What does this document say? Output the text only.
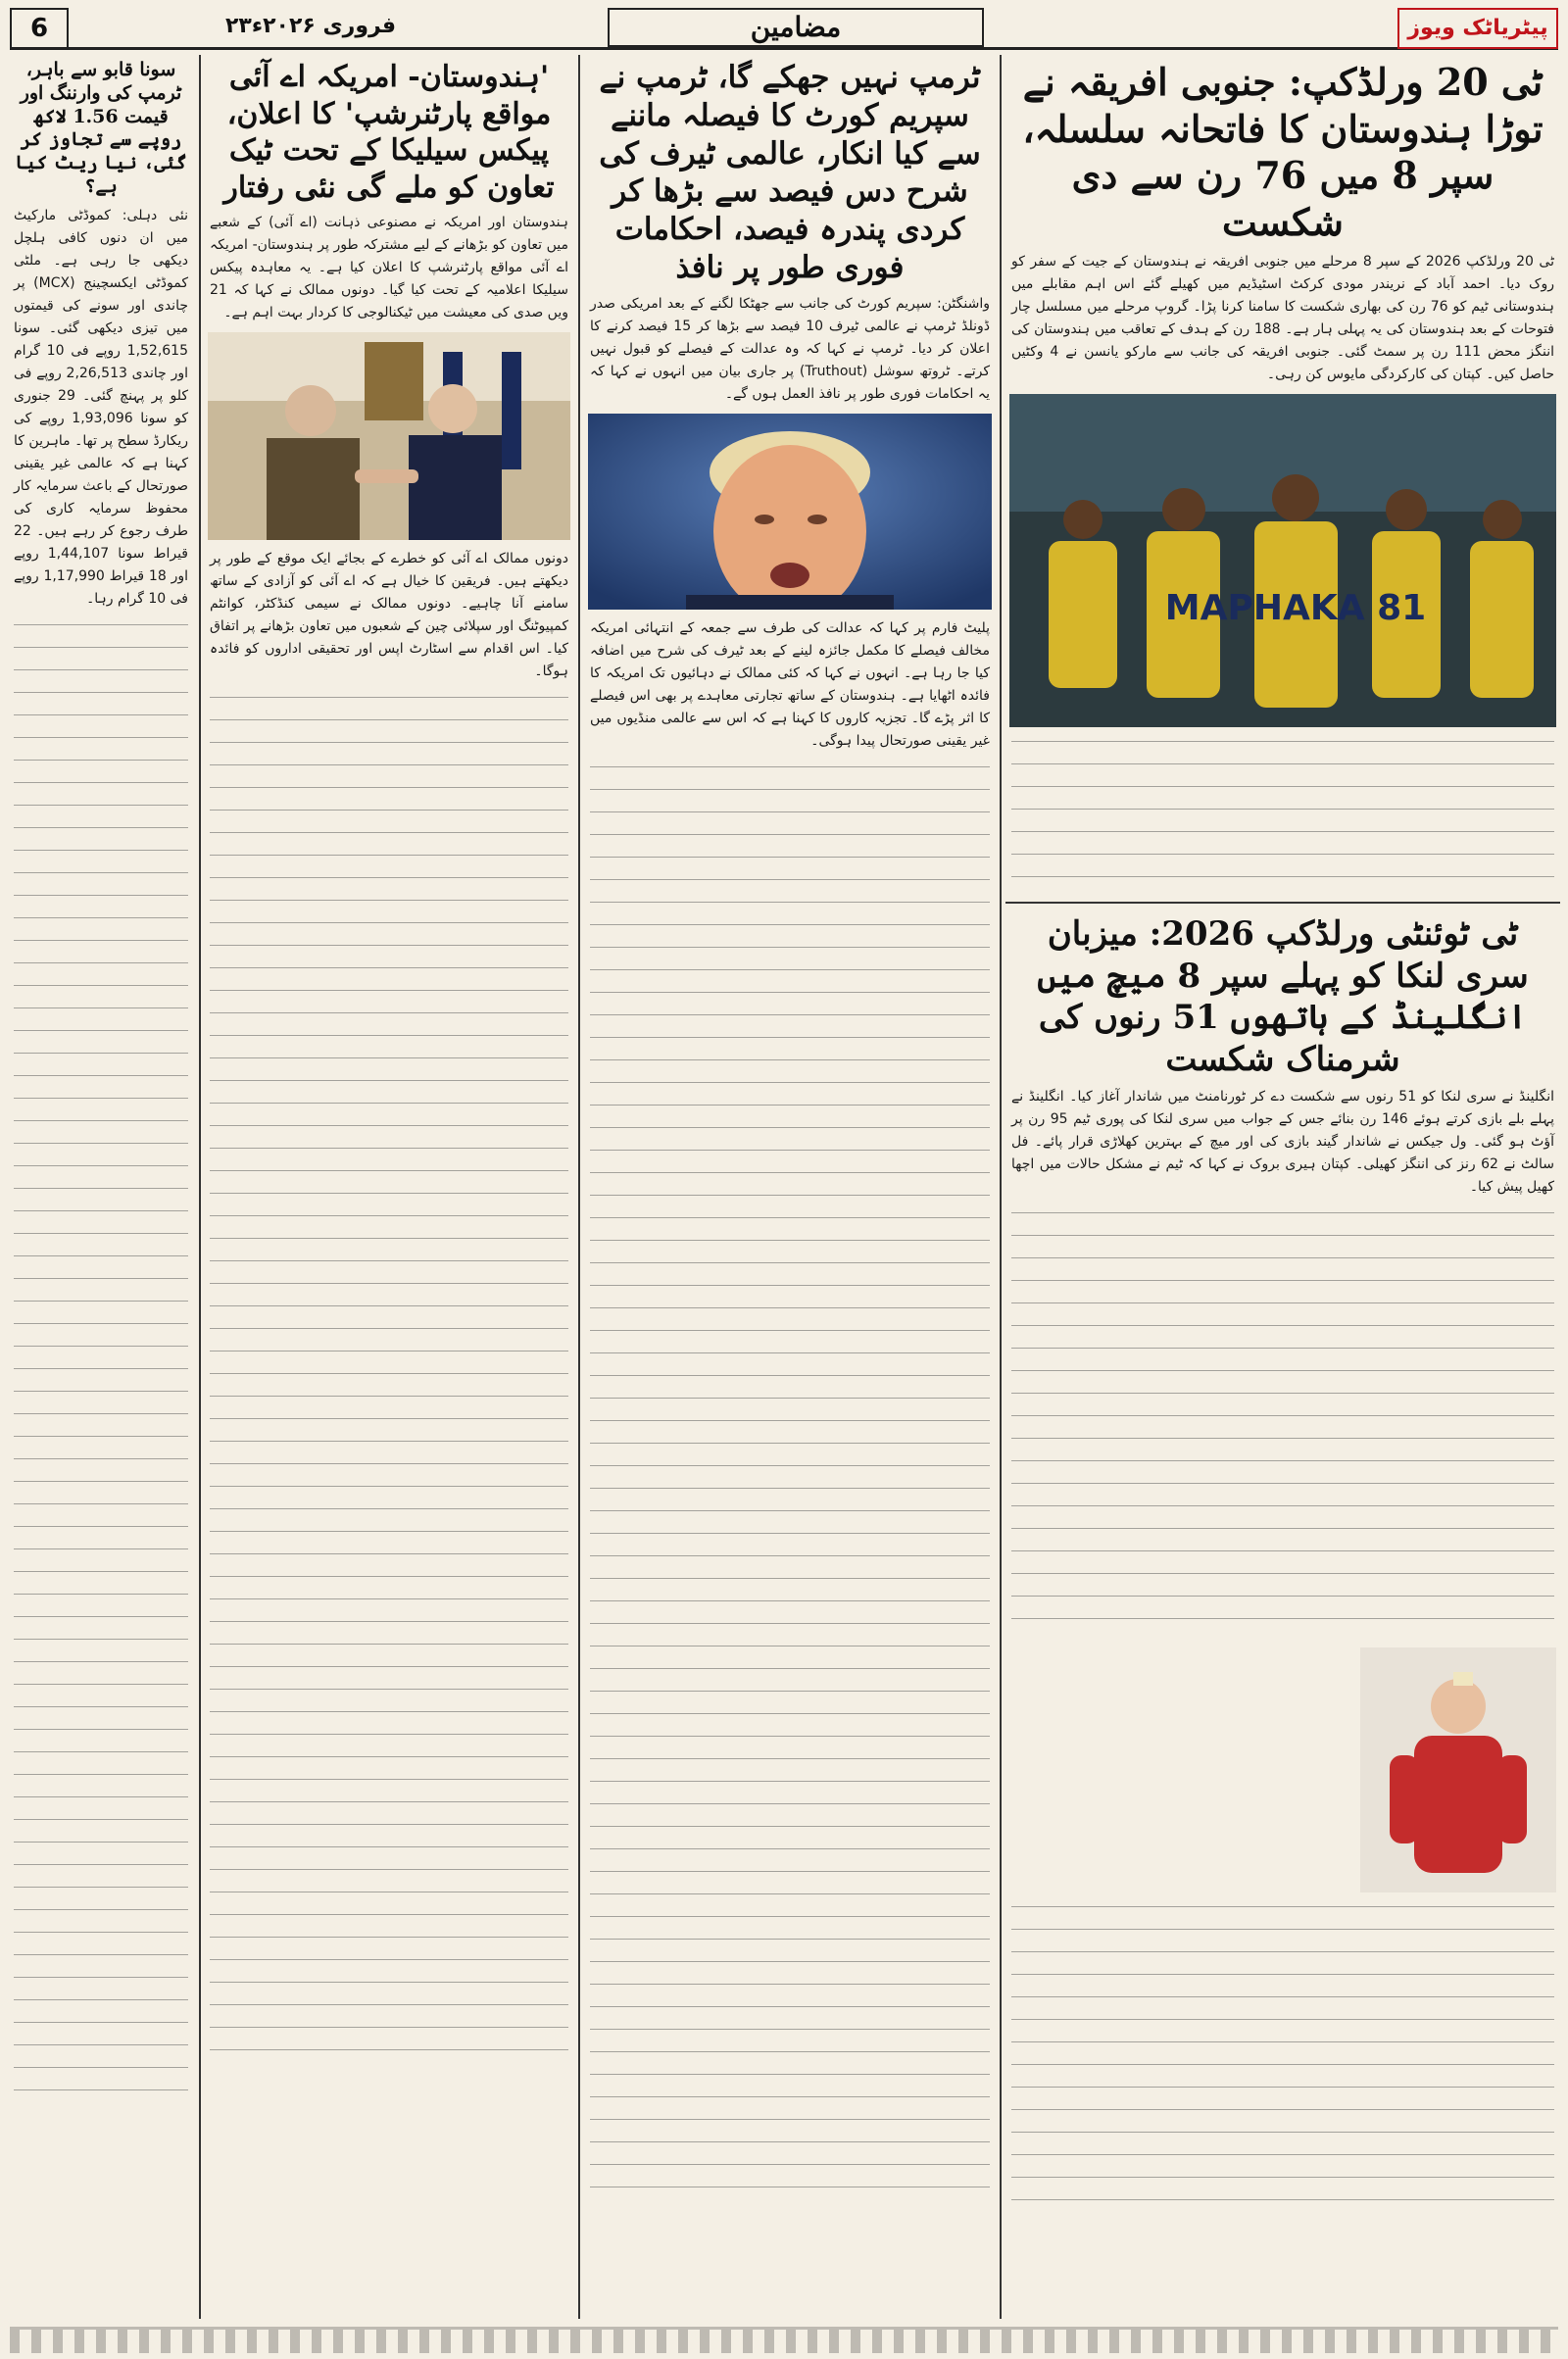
6	۲۳فروری ۲۰۲۶ء	مضامین	پیٹریاٹک ویوز
سونا قابو سے باہر، ٹرمپ کی وارننگ اور قیمت 1.56 لاکھ روپے سے تجاوز کر گئی، نیا ریٹ کیا ہے؟
نئی دہلی: کموڈٹی مارکیٹ میں ان دنوں کافی ہلچل دیکھی جا رہی ہے۔ ملٹی کموڈٹی ایکسچینج (MCX) پر چاندی اور سونے کی قیمتوں میں تیزی دیکھی گئی۔ سونا 1,52,615 روپے فی 10 گرام اور چاندی 2,26,513 روپے فی کلو پر پہنچ گئی۔ 29 جنوری کو سونا 1,93,096 روپے کی ریکارڈ سطح پر تھا۔ ماہرین کا کہنا ہے کہ عالمی غیر یقینی صورتحال کے باعث سرمایہ کار محفوظ سرمایہ کاری کی طرف رجوع کر رہے ہیں۔ 22 قیراط سونا 1,44,107 روپے اور 18 قیراط 1,17,990 روپے فی 10 گرام رہا۔
'ہندوستان- امریکہ اے آئی مواقع پارٹنرشپ' کا اعلان، پیکس سیلیکا کے تحت ٹیک تعاون کو ملے گی نئی رفتار
ہندوستان اور امریکہ نے مصنوعی ذہانت (اے آئی) کے شعبے میں تعاون کو بڑھانے کے لیے مشترکہ طور پر ہندوستان- امریکہ اے آئی مواقع پارٹنرشپ کا اعلان کیا ہے۔ یہ معاہدہ پیکس سیلیکا اعلامیہ کے تحت کیا گیا۔ دونوں ممالک نے کہا کہ 21 ویں صدی کی معیشت میں ٹیکنالوجی کا کردار بہت اہم ہے۔
دونوں ممالک اے آئی کو خطرے کے بجائے ایک موقع کے طور پر دیکھتے ہیں۔ فریقین کا خیال ہے کہ اے آئی کو آزادی کے ساتھ سامنے آنا چاہیے۔ دونوں ممالک نے سیمی کنڈکٹر، کوانٹم کمپیوٹنگ اور سپلائی چین کے شعبوں میں تعاون بڑھانے پر اتفاق کیا۔ اس اقدام سے اسٹارٹ اپس اور تحقیقی اداروں کو فائدہ ہوگا۔
ٹرمپ نہیں جھکے گا، ٹرمپ نے سپریم کورٹ کا فیصلہ ماننے سے کیا انکار، عالمی ٹیرف کی شرح دس فیصد سے بڑھا کر کردی پندرہ فیصد، احکامات فوری طور پر نافذ
واشنگٹن: سپریم کورٹ کی جانب سے جھٹکا لگنے کے بعد امریکی صدر ڈونلڈ ٹرمپ نے عالمی ٹیرف 10 فیصد سے بڑھا کر 15 فیصد کرنے کا اعلان کر دیا۔ ٹرمپ نے کہا کہ وہ عدالت کے فیصلے کو قبول نہیں کرتے۔ ٹروتھ سوشل (Truthout) پر جاری بیان میں انہوں نے کہا کہ یہ احکامات فوری طور پر نافذ العمل ہوں گے۔
پلیٹ فارم پر کہا کہ عدالت کی طرف سے جمعہ کے انتہائی امریکہ مخالف فیصلے کا مکمل جائزہ لینے کے بعد ٹیرف کی شرح میں اضافہ کیا جا رہا ہے۔ انہوں نے کہا کہ کئی ممالک نے دہائیوں تک امریکہ کا فائدہ اٹھایا ہے۔ ہندوستان کے ساتھ تجارتی معاہدے پر بھی اس فیصلے کا اثر پڑے گا۔ تجزیہ کاروں کا کہنا ہے کہ اس سے عالمی منڈیوں میں غیر یقینی صورتحال پیدا ہوگی۔
ٹی 20 ورلڈکپ: جنوبی افریقہ نے توڑا ہندوستان کا فاتحانہ سلسلہ، سپر 8 میں 76 رن سے دی شکست
ٹی 20 ورلڈکپ 2026 کے سپر 8 مرحلے میں جنوبی افریقہ نے ہندوستان کے جیت کے سفر کو روک دیا۔ احمد آباد کے نریندر مودی کرکٹ اسٹیڈیم میں کھیلے گئے اس اہم مقابلے میں ہندوستانی ٹیم کو 76 رن کی بھاری شکست کا سامنا کرنا پڑا۔ گروپ مرحلے میں مسلسل چار فتوحات کے بعد ہندوستان کی یہ پہلی ہار ہے۔ 188 رن کے ہدف کے تعاقب میں ہندوستان کی اننگز محض 111 رن پر سمٹ گئی۔ جنوبی افریقہ کی جانب سے مارکو یانسن نے 4 وکٹیں حاصل کیں۔ کپتان کی کارکردگی مایوس کن رہی۔
MAPHAKA 81
ٹی ٹوئنٹی ورلڈکپ 2026: میزبان سری لنکا کو پہلے سپر 8 میچ میں انگلینڈ کے ہاتھوں 51 رنوں کی شرمناک شکست
انگلینڈ نے سری لنکا کو 51 رنوں سے شکست دے کر ٹورنامنٹ میں شاندار آغاز کیا۔ انگلینڈ نے پہلے بلے بازی کرتے ہوئے 146 رن بنائے جس کے جواب میں سری لنکا کی پوری ٹیم 95 رن پر آؤٹ ہو گئی۔ ول جیکس نے شاندار گیند بازی کی اور میچ کے بہترین کھلاڑی قرار پائے۔ فل سالٹ نے 62 رنز کی اننگز کھیلی۔ کپتان ہیری بروک نے کہا کہ ٹیم نے مشکل حالات میں اچھا کھیل پیش کیا۔
